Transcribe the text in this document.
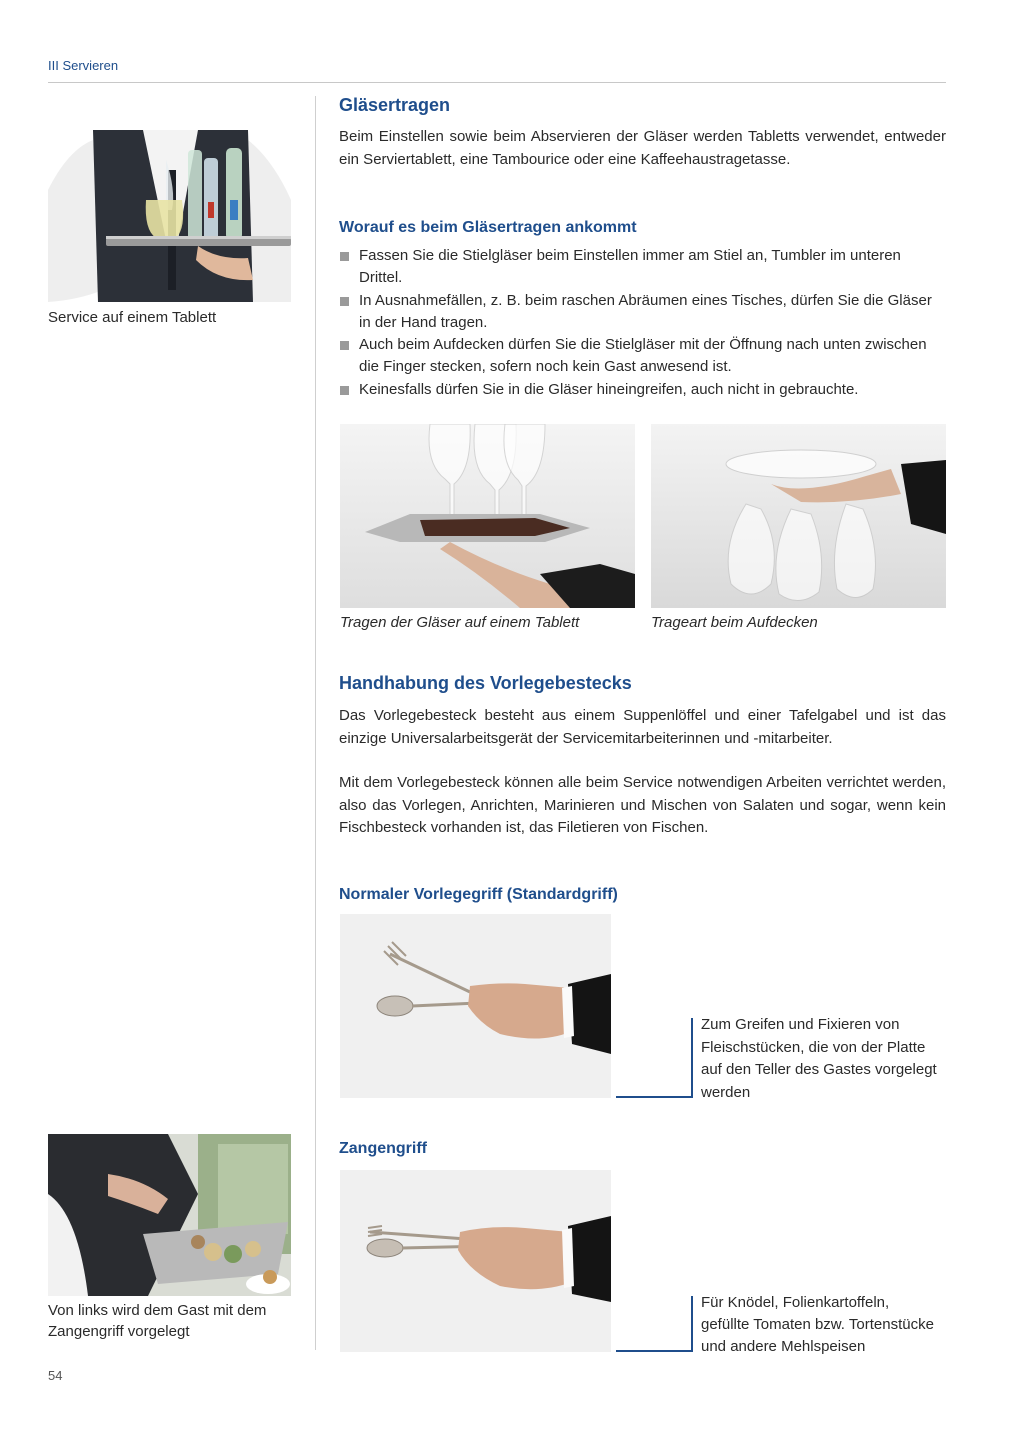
III Servieren
Service auf einem Tablett
Von links wird dem Gast mit dem Zangengriff vorgelegt
Gläsertragen

Beim Einstellen sowie beim Abservieren der Gläser werden Tabletts verwendet, entweder ein Serviertablett, eine Tambourice oder eine Kaffeehaustragetasse.

Worauf es beim Gläsertragen ankommt
Fassen Sie die Stielgläser beim Einstellen immer am Stiel an, Tumbler im unteren Drittel.
In Ausnahmefällen, z. B. beim raschen Abräumen eines Tisches, dürfen Sie die Gläser in der Hand tragen.
Auch beim Aufdecken dürfen Sie die Stielgläser mit der Öffnung nach unten zwischen die Finger stecken, sofern noch kein Gast anwesend ist.
Keinesfalls dürfen Sie in die Gläser hineingreifen, auch nicht in gebrauchte.
Tragen der Gläser auf einem Tablett	Trageart beim Aufdecken
Handhabung des Vorlegebestecks

Das Vorlegebesteck besteht aus einem Suppenlöffel und einer Tafelgabel und ist das einzige Universalarbeitsgerät der Servicemitarbeiterinnen und -mitarbeiter.

Mit dem Vorlegebesteck können alle beim Service notwendigen Arbeiten verrichtet werden, also das Vorlegen, Anrichten, Marinieren und Mischen von Salaten und sogar, wenn kein Fischbesteck vorhanden ist, das Filetieren von Fischen.

Normaler Vorlegegriff (Standardgriff)
Zum Greifen und Fixieren von Fleischstücken, die von der Platte auf den Teller des Gastes vorgelegt werden
Zangengriff
Für Knödel, Folienkartoffeln, gefüllte Tomaten bzw. Tortenstücke und andere Mehlspeisen
54
